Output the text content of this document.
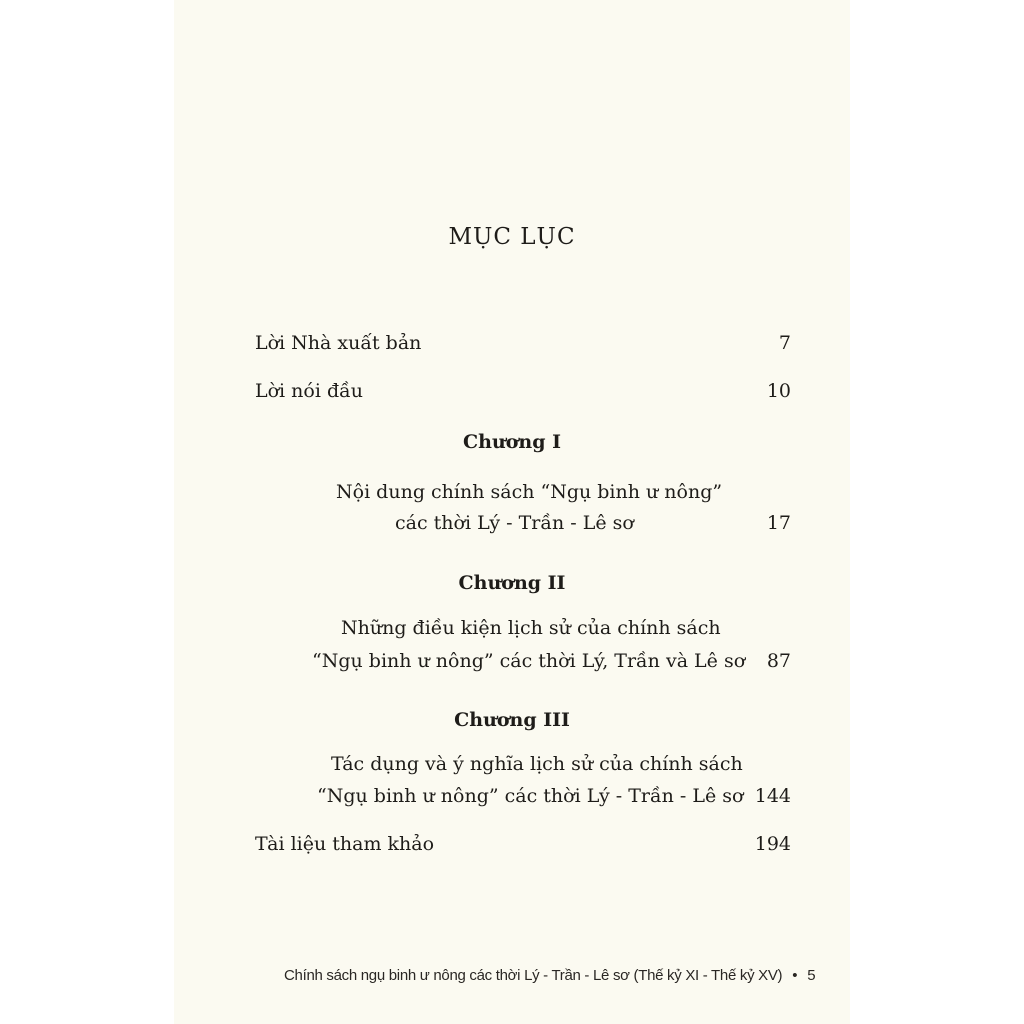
MỤC LỤC
Lời Nhà xuất bản	7
Lời nói đầu	10
Chương I
Nội dung chính sách “Ngụ binh ư nông”
các thời Lý - Trần - Lê sơ	17
Chương II
Những điều kiện lịch sử của chính sách
“Ngụ binh ư nông” các thời Lý, Trần và Lê sơ 87
Chương III
Tác dụng và ý nghĩa lịch sử của chính sách
“Ngụ binh ư nông” các thời Lý - Trần - Lê sơ 144
Tài liệu tham khảo	194
Chính sách ngụ binh ư nông các thời Lý - Trần - Lê sơ (Thế kỷ XI - Thế kỷ XV) • 5
